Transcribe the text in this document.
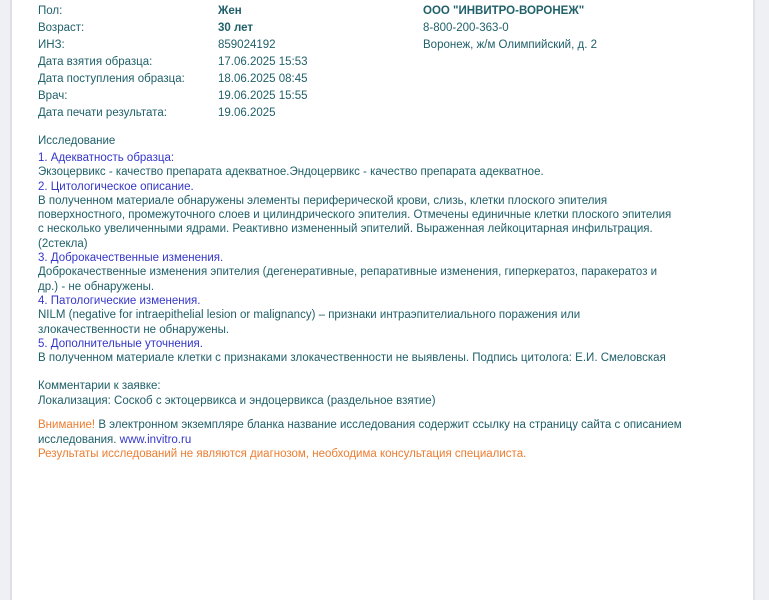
Пол:	Жен
Возраст:	30 лет
ИНЗ:	859024192
Дата взятия образца:	17.06.2025 15:53
Дата поступления образца:	18.06.2025 08:45
Врач:	19.06.2025 15:55
Дата печати результата:	19.06.2025
ООО "ИНВИТРО-ВОРОНЕЖ"
8-800-200-363-0
Воронеж, ж/м Олимпийский, д. 2
Исследование
1. Адекватность образца:
Экзоцервикс - качество препарата адекватное.Эндоцервикс - качество препарата адекватное.
2. Цитологическое описание.
В полученном материале обнаружены элементы периферической крови, слизь, клетки плоского эпителия
поверхностного, промежуточного слоев и цилиндрического эпителия. Отмечены единичные клетки плоского эпителия
с несколько увеличенными ядрами. Реактивно измененный эпителий. Выраженная лейкоцитарная инфильтрация.
(2стекла)
3. Доброкачественные изменения.
Доброкачественные изменения эпителия (дегенеративные, репаративные изменения, гиперкератоз, паракератоз и
др.) - не обнаружены.
4. Патологические изменения.
NILM (negative for intraepithelial lesion or malignancy) – признаки интраэпителиального поражения или
злокачественности не обнаружены.
5. Дополнительные уточнения.
В полученном материале клетки с признаками злокачественности не выявлены. Подпись цитолога: Е.И. Смеловская
Комментарии к заявке:
Локализация: Соскоб с эктоцервикса и эндоцервикса (раздельное взятие)
Внимание! В электронном экземпляре бланка название исследования содержит ссылку на страницу сайта с описанием
исследования. www.invitro.ru
Результаты исследований не являются диагнозом, необходима консультация специалиста.
